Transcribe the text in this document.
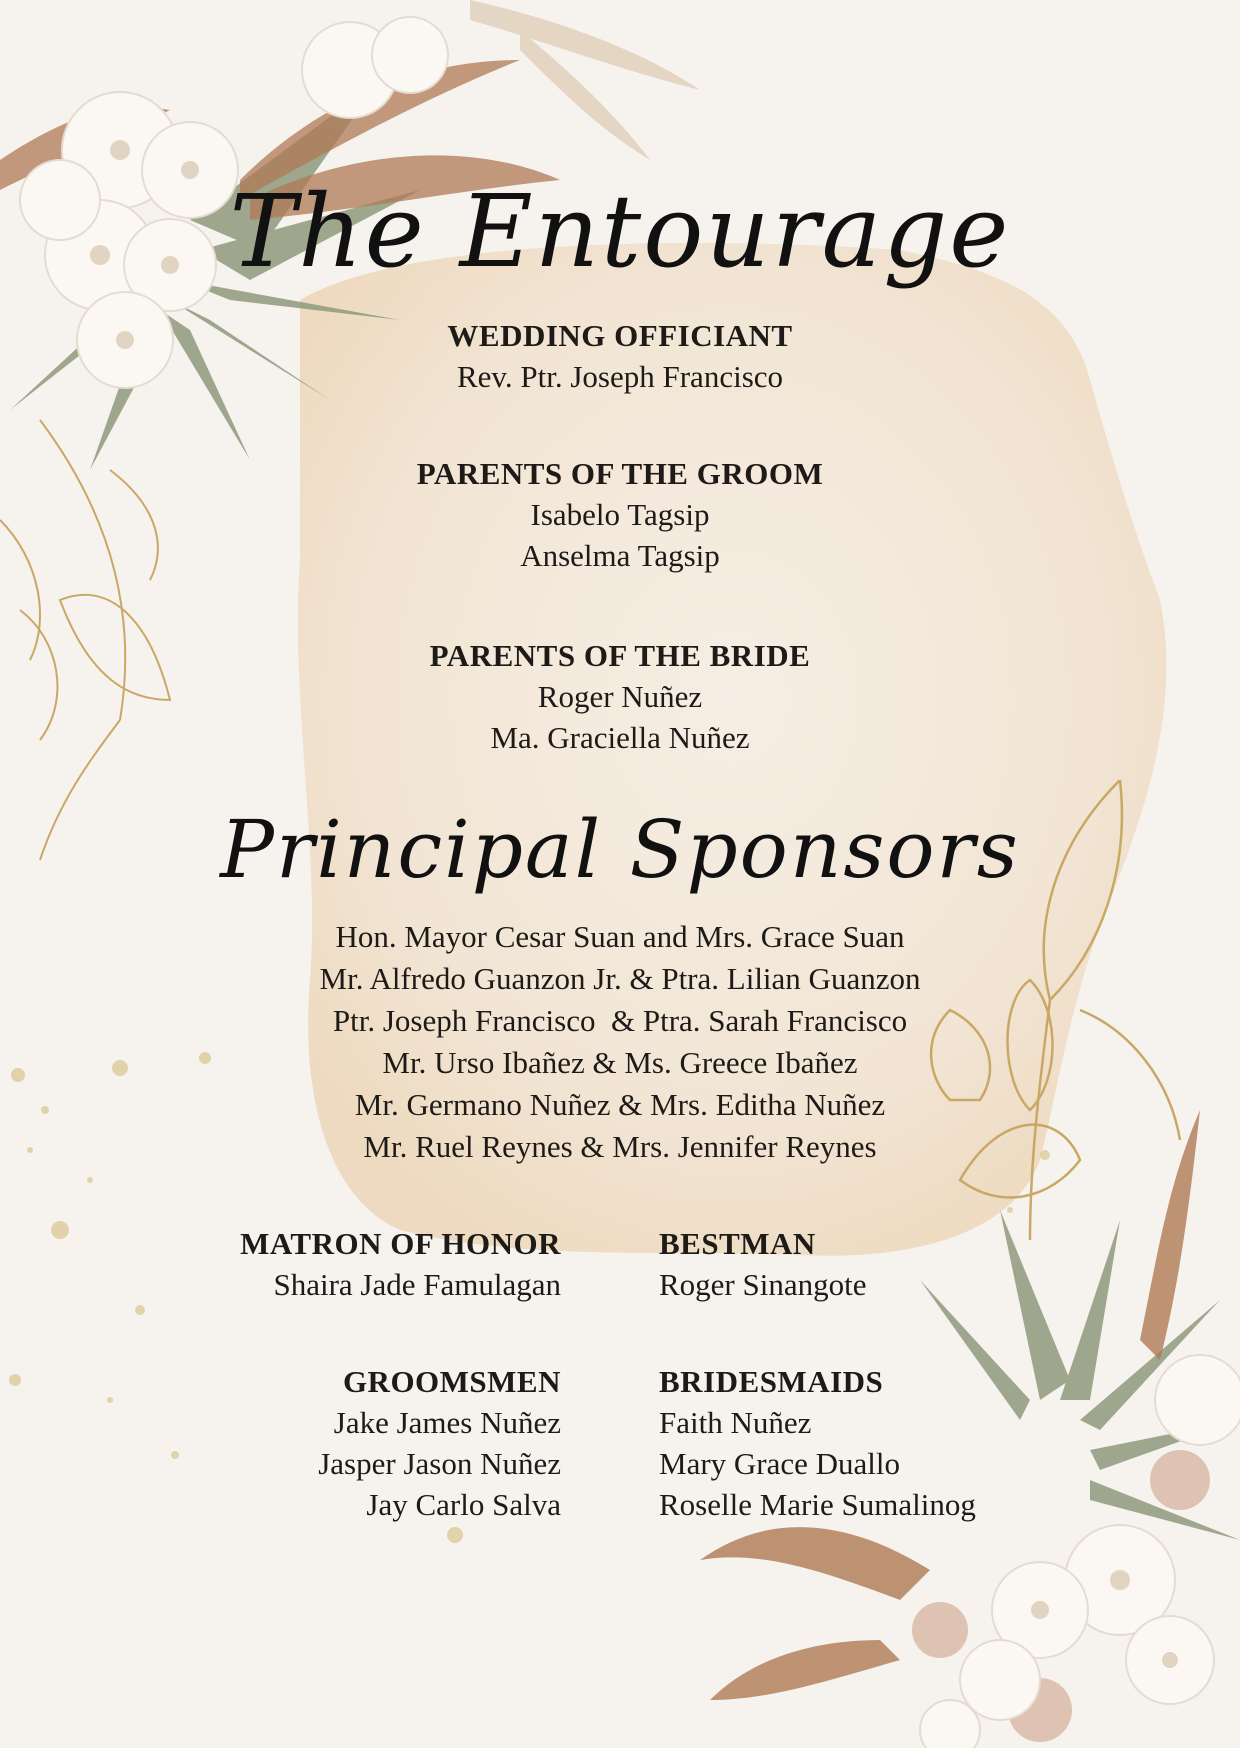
The Entourage
WEDDING OFFICIANT
Rev. Ptr. Joseph Francisco
PARENTS OF THE GROOM
Isabelo Tagsip
Anselma Tagsip
PARENTS OF THE BRIDE
Roger Nuñez
Ma. Graciella Nuñez
Principal Sponsors
Hon. Mayor Cesar Suan and Mrs. Grace Suan
Mr. Alfredo Guanzon Jr. & Ptra. Lilian Guanzon
Ptr. Joseph Francisco  & Ptra. Sarah Francisco
Mr. Urso Ibañez & Ms. Greece Ibañez
Mr. Germano Nuñez & Mrs. Editha Nuñez
Mr. Ruel Reynes & Mrs. Jennifer Reynes
MATRON OF HONOR
Shaira Jade Famulagan
BESTMAN
Roger Sinangote
GROOMSMEN
Jake James Nuñez
Jasper Jason Nuñez
Jay Carlo Salva
BRIDESMAIDS
Faith Nuñez
Mary Grace Duallo
Roselle Marie Sumalinog
